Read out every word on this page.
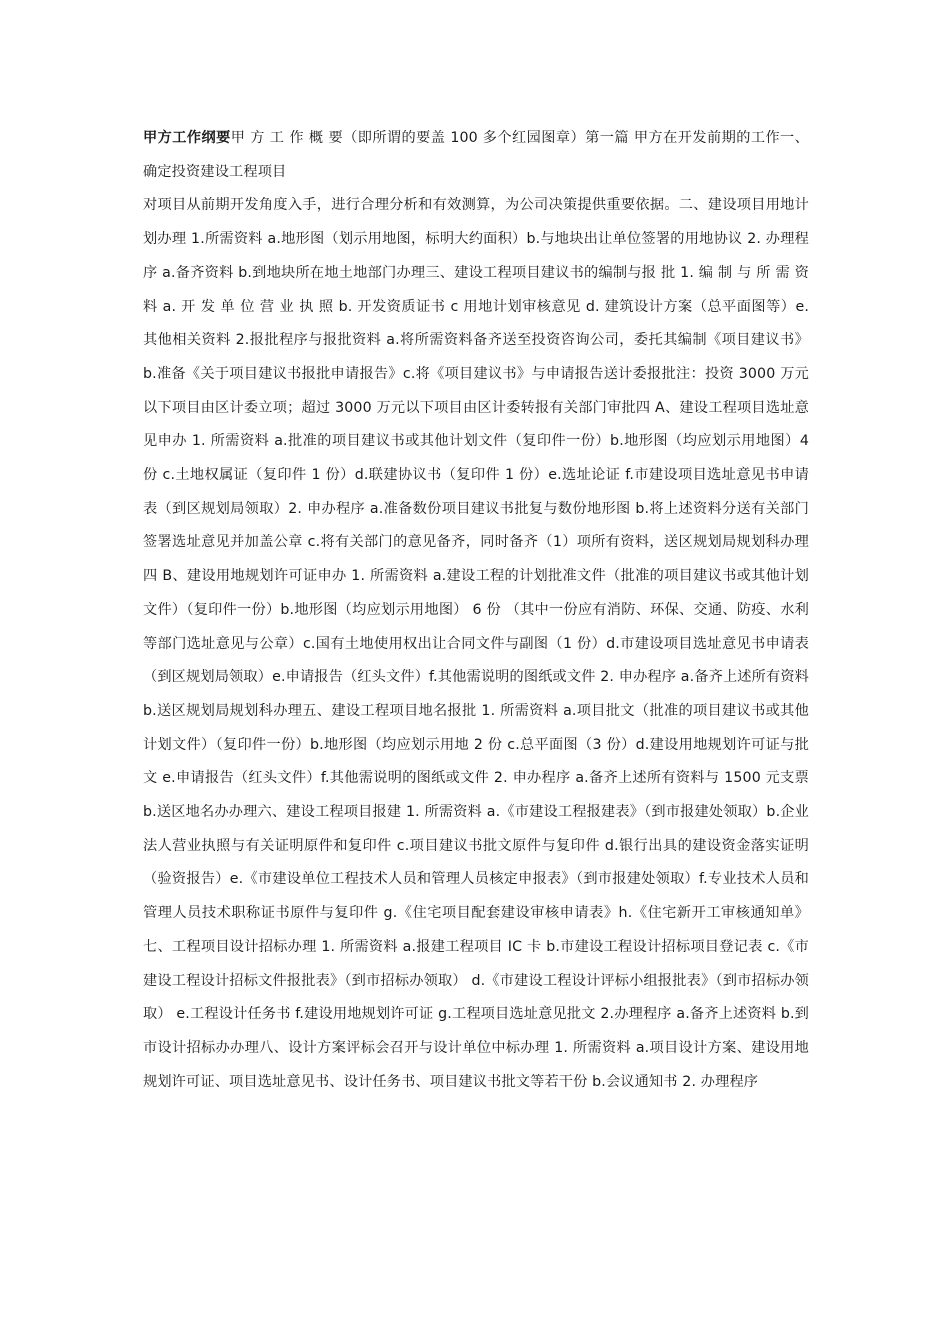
甲方工作纲要甲 方 工 作 概 要（即所谓的要盖 100 多个红园图章）第一篇 甲方在开发前期的工作一、确定投资建设工程项目

对项目从前期开发角度入手，进行合理分析和有效测算，为公司决策提供重要依据。二、建设项目用地计划办理 1.所需资料 a.地形图（划示用地图，标明大约面积）b.与地块出让单位签署的用地协议 2. 办理程序 a.备齐资料 b.到地块所在地土地部门办理三、建设工程项目建议书的编制与报 批 1. 编 制 与 所 需 资 料 a. 开 发 单 位 营 业 执 照 b. 开发资质证书 c 用地计划审核意见 d. 建筑设计方案（总平面图等）e. 其他相关资料 2.报批程序与报批资料 a.将所需资料备齐送至投资咨询公司，委托其编制《项目建议书》b.准备《关于项目建议书报批申请报告》c.将《项目建议书》与申请报告送计委报批注：投资 3000 万元以下项目由区计委立项；超过 3000 万元以下项目由区计委转报有关部门审批四 A、建设工程项目选址意见申办 1. 所需资料 a.批准的项目建议书或其他计划文件（复印件一份）b.地形图（均应划示用地图）4 份 c.土地权属证（复印件 1 份）d.联建协议书（复印件 1 份）e.选址论证 f.市建设项目选址意见书申请表（到区规划局领取）2. 申办程序 a.准备数份项目建议书批复与数份地形图 b.将上述资料分送有关部门签署选址意见并加盖公章 c.将有关部门的意见备齐，同时备齐（1）项所有资料，送区规划局规划科办理四 B、建设用地规划许可证申办 1. 所需资料 a.建设工程的计划批准文件（批准的项目建议书或其他计划文件）（复印件一份）b.地形图（均应划示用地图） 6 份 （其中一份应有消防、环保、交通、防疫、水利等部门选址意见与公章）c.国有土地使用权出让合同文件与副图（1 份）d.市建设项目选址意见书申请表（到区规划局领取）e.申请报告（红头文件）f.其他需说明的图纸或文件 2. 申办程序 a.备齐上述所有资料 b.送区规划局规划科办理五、建设工程项目地名报批 1. 所需资料 a.项目批文（批准的项目建议书或其他计划文件）（复印件一份）b.地形图（均应划示用地 2 份 c.总平面图（3 份）d.建设用地规划许可证与批文 e.申请报告（红头文件）f.其他需说明的图纸或文件 2. 申办程序 a.备齐上述所有资料与 1500 元支票 b.送区地名办办理六、建设工程项目报建 1. 所需资料 a.《市建设工程报建表》（到市报建处领取）b.企业法人营业执照与有关证明原件和复印件 c.项目建议书批文原件与复印件 d.银行出具的建设资金落实证明（验资报告）e.《市建设单位工程技术人员和管理人员核定申报表》（到市报建处领取）f.专业技术人员和管理人员技术职称证书原件与复印件 g.《住宅项目配套建设审核申请表》h.《住宅新开工审核通知单》七、工程项目设计招标办理 1. 所需资料 a.报建工程项目 IC 卡 b.市建设工程设计招标项目登记表 c.《市建设工程设计招标文件报批表》（到市招标办领取） d.《市建设工程设计评标小组报批表》（到市招标办领取） e.工程设计任务书 f.建设用地规划许可证 g.工程项目选址意见批文 2.办理程序 a.备齐上述资料 b.到市设计招标办办理八、设计方案评标会召开与设计单位中标办理 1. 所需资料 a.项目设计方案、建设用地规划许可证、项目选址意见书、设计任务书、项目建议书批文等若干份 b.会议通知书 2. 办理程序
